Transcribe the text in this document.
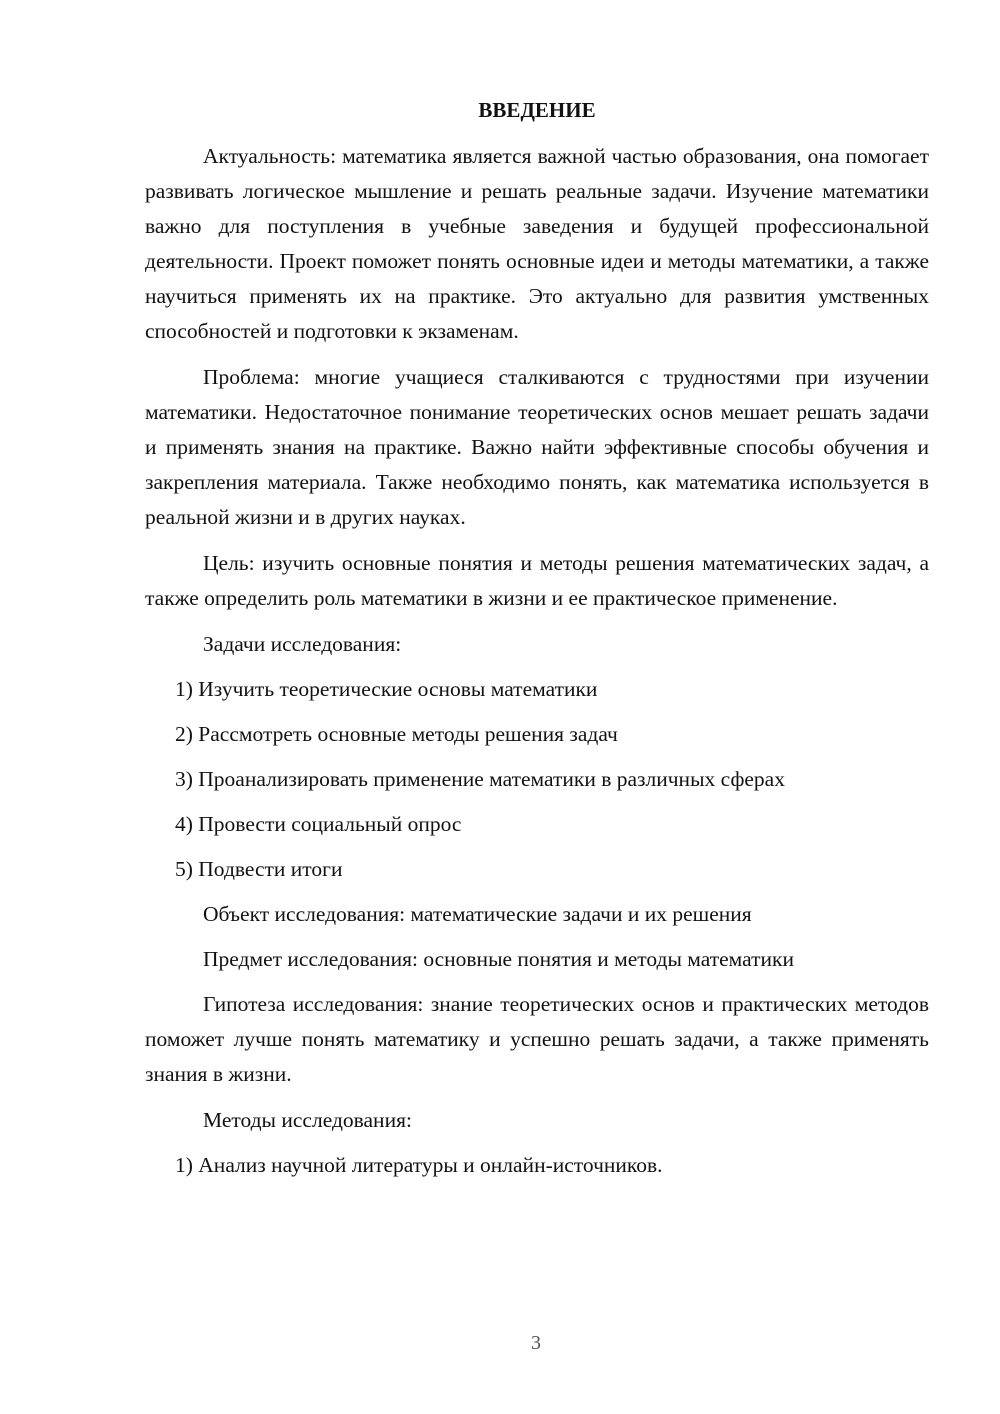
ВВЕДЕНИЕ

Актуальность: математика является важной частью образования, она помогает развивать логическое мышление и решать реальные задачи. Изучение математики важно для поступления в учебные заведения и будущей профессиональной деятельности. Проект поможет понять основные идеи и методы математики, а также научиться применять их на практике. Это актуально для развития умственных способностей и подготовки к экзаменам.

Проблема: многие учащиеся сталкиваются с трудностями при изучении математики. Недостаточное понимание теоретических основ мешает решать задачи и применять знания на практике. Важно найти эффективные способы обучения и закрепления материала. Также необходимо понять, как математика используется в реальной жизни и в других науках.

Цель: изучить основные понятия и методы решения математических задач, а также определить роль математики в жизни и ее практическое применение.

Задачи исследования:
1) Изучить теоретические основы математики
2) Рассмотреть основные методы решения задач
3) Проанализировать применение математики в различных сферах
4) Провести социальный опрос
5) Подвести итоги
Объект исследования: математические задачи и их решения
Предмет исследования: основные понятия и методы математики

Гипотеза исследования: знание теоретических основ и практических методов поможет лучше понять математику и успешно решать задачи, а также применять знания в жизни.

Методы исследования:
1) Анализ научной литературы и онлайн-источников.
3
